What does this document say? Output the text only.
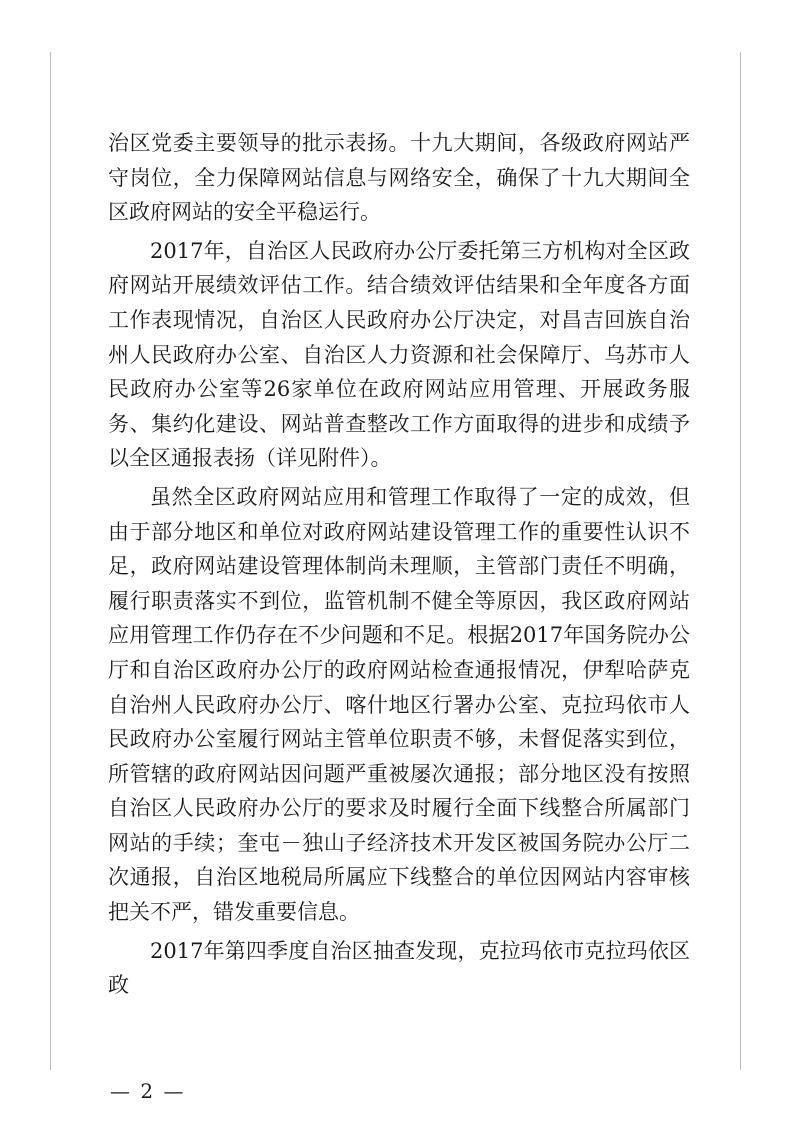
治区党委主要领导的批示表扬。十九大期间，各级政府网站严守岗位，全力保障网站信息与网络安全，确保了十九大期间全区政府网站的安全平稳运行。

2017年，自治区人民政府办公厅委托第三方机构对全区政府网站开展绩效评估工作。结合绩效评估结果和全年度各方面工作表现情况，自治区人民政府办公厅决定，对昌吉回族自治州人民政府办公室、自治区人力资源和社会保障厅、乌苏市人民政府办公室等26家单位在政府网站应用管理、开展政务服务、集约化建设、网站普查整改工作方面取得的进步和成绩予以全区通报表扬（详见附件）。

虽然全区政府网站应用和管理工作取得了一定的成效，但由于部分地区和单位对政府网站建设管理工作的重要性认识不足，政府网站建设管理体制尚未理顺，主管部门责任不明确，履行职责落实不到位，监管机制不健全等原因，我区政府网站应用管理工作仍存在不少问题和不足。根据2017年国务院办公厅和自治区政府办公厅的政府网站检查通报情况，伊犁哈萨克自治州人民政府办公厅、喀什地区行署办公室、克拉玛依市人民政府办公室履行网站主管单位职责不够，未督促落实到位，所管辖的政府网站因问题严重被屡次通报；部分地区没有按照自治区人民政府办公厅的要求及时履行全面下线整合所属部门网站的手续；奎屯－独山子经济技术开发区被国务院办公厅二次通报，自治区地税局所属应下线整合的单位因网站内容审核把关不严，错发重要信息。

2017年第四季度自治区抽查发现，克拉玛依市克拉玛依区政

— 2 —
